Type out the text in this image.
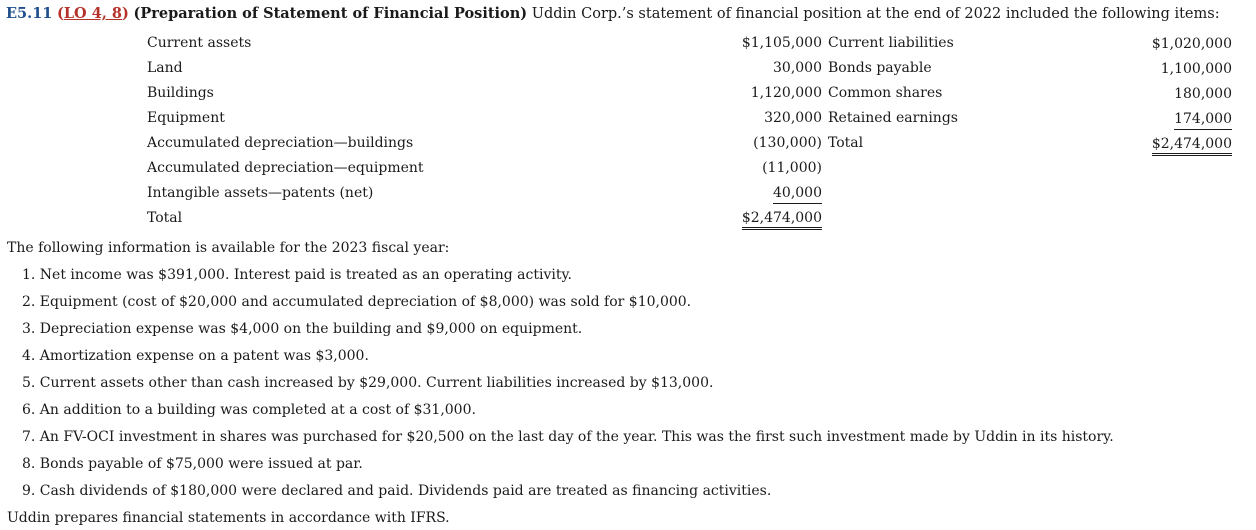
E5.11 (LO 4, 8) (Preparation of Statement of Financial Position) Uddin Corp.’s statement of financial position at the end of 2022 included the following items:
Current assets	$1,105,000
Land	30,000
Buildings	1,120,000
Equipment	320,000
Accumulated depreciation—buildings	(130,000)
Accumulated depreciation—equipment	(11,000)
Intangible assets—patents (net)	40,000
Total	$2,474,000
Current liabilities	$1,020,000
Bonds payable	1,100,000
Common shares	180,000
Retained earnings	174,000
Total	$2,474,000
The following information is available for the 2023 fiscal year:
1. Net income was $391,000. Interest paid is treated as an operating activity.
2. Equipment (cost of $20,000 and accumulated depreciation of $8,000) was sold for $10,000.
3. Depreciation expense was $4,000 on the building and $9,000 on equipment.
4. Amortization expense on a patent was $3,000.
5. Current assets other than cash increased by $29,000. Current liabilities increased by $13,000.
6. An addition to a building was completed at a cost of $31,000.
7. An FV-OCI investment in shares was purchased for $20,500 on the last day of the year. This was the first such investment made by Uddin in its history.
8. Bonds payable of $75,000 were issued at par.
9. Cash dividends of $180,000 were declared and paid. Dividends paid are treated as financing activities.
Uddin prepares financial statements in accordance with IFRS.
